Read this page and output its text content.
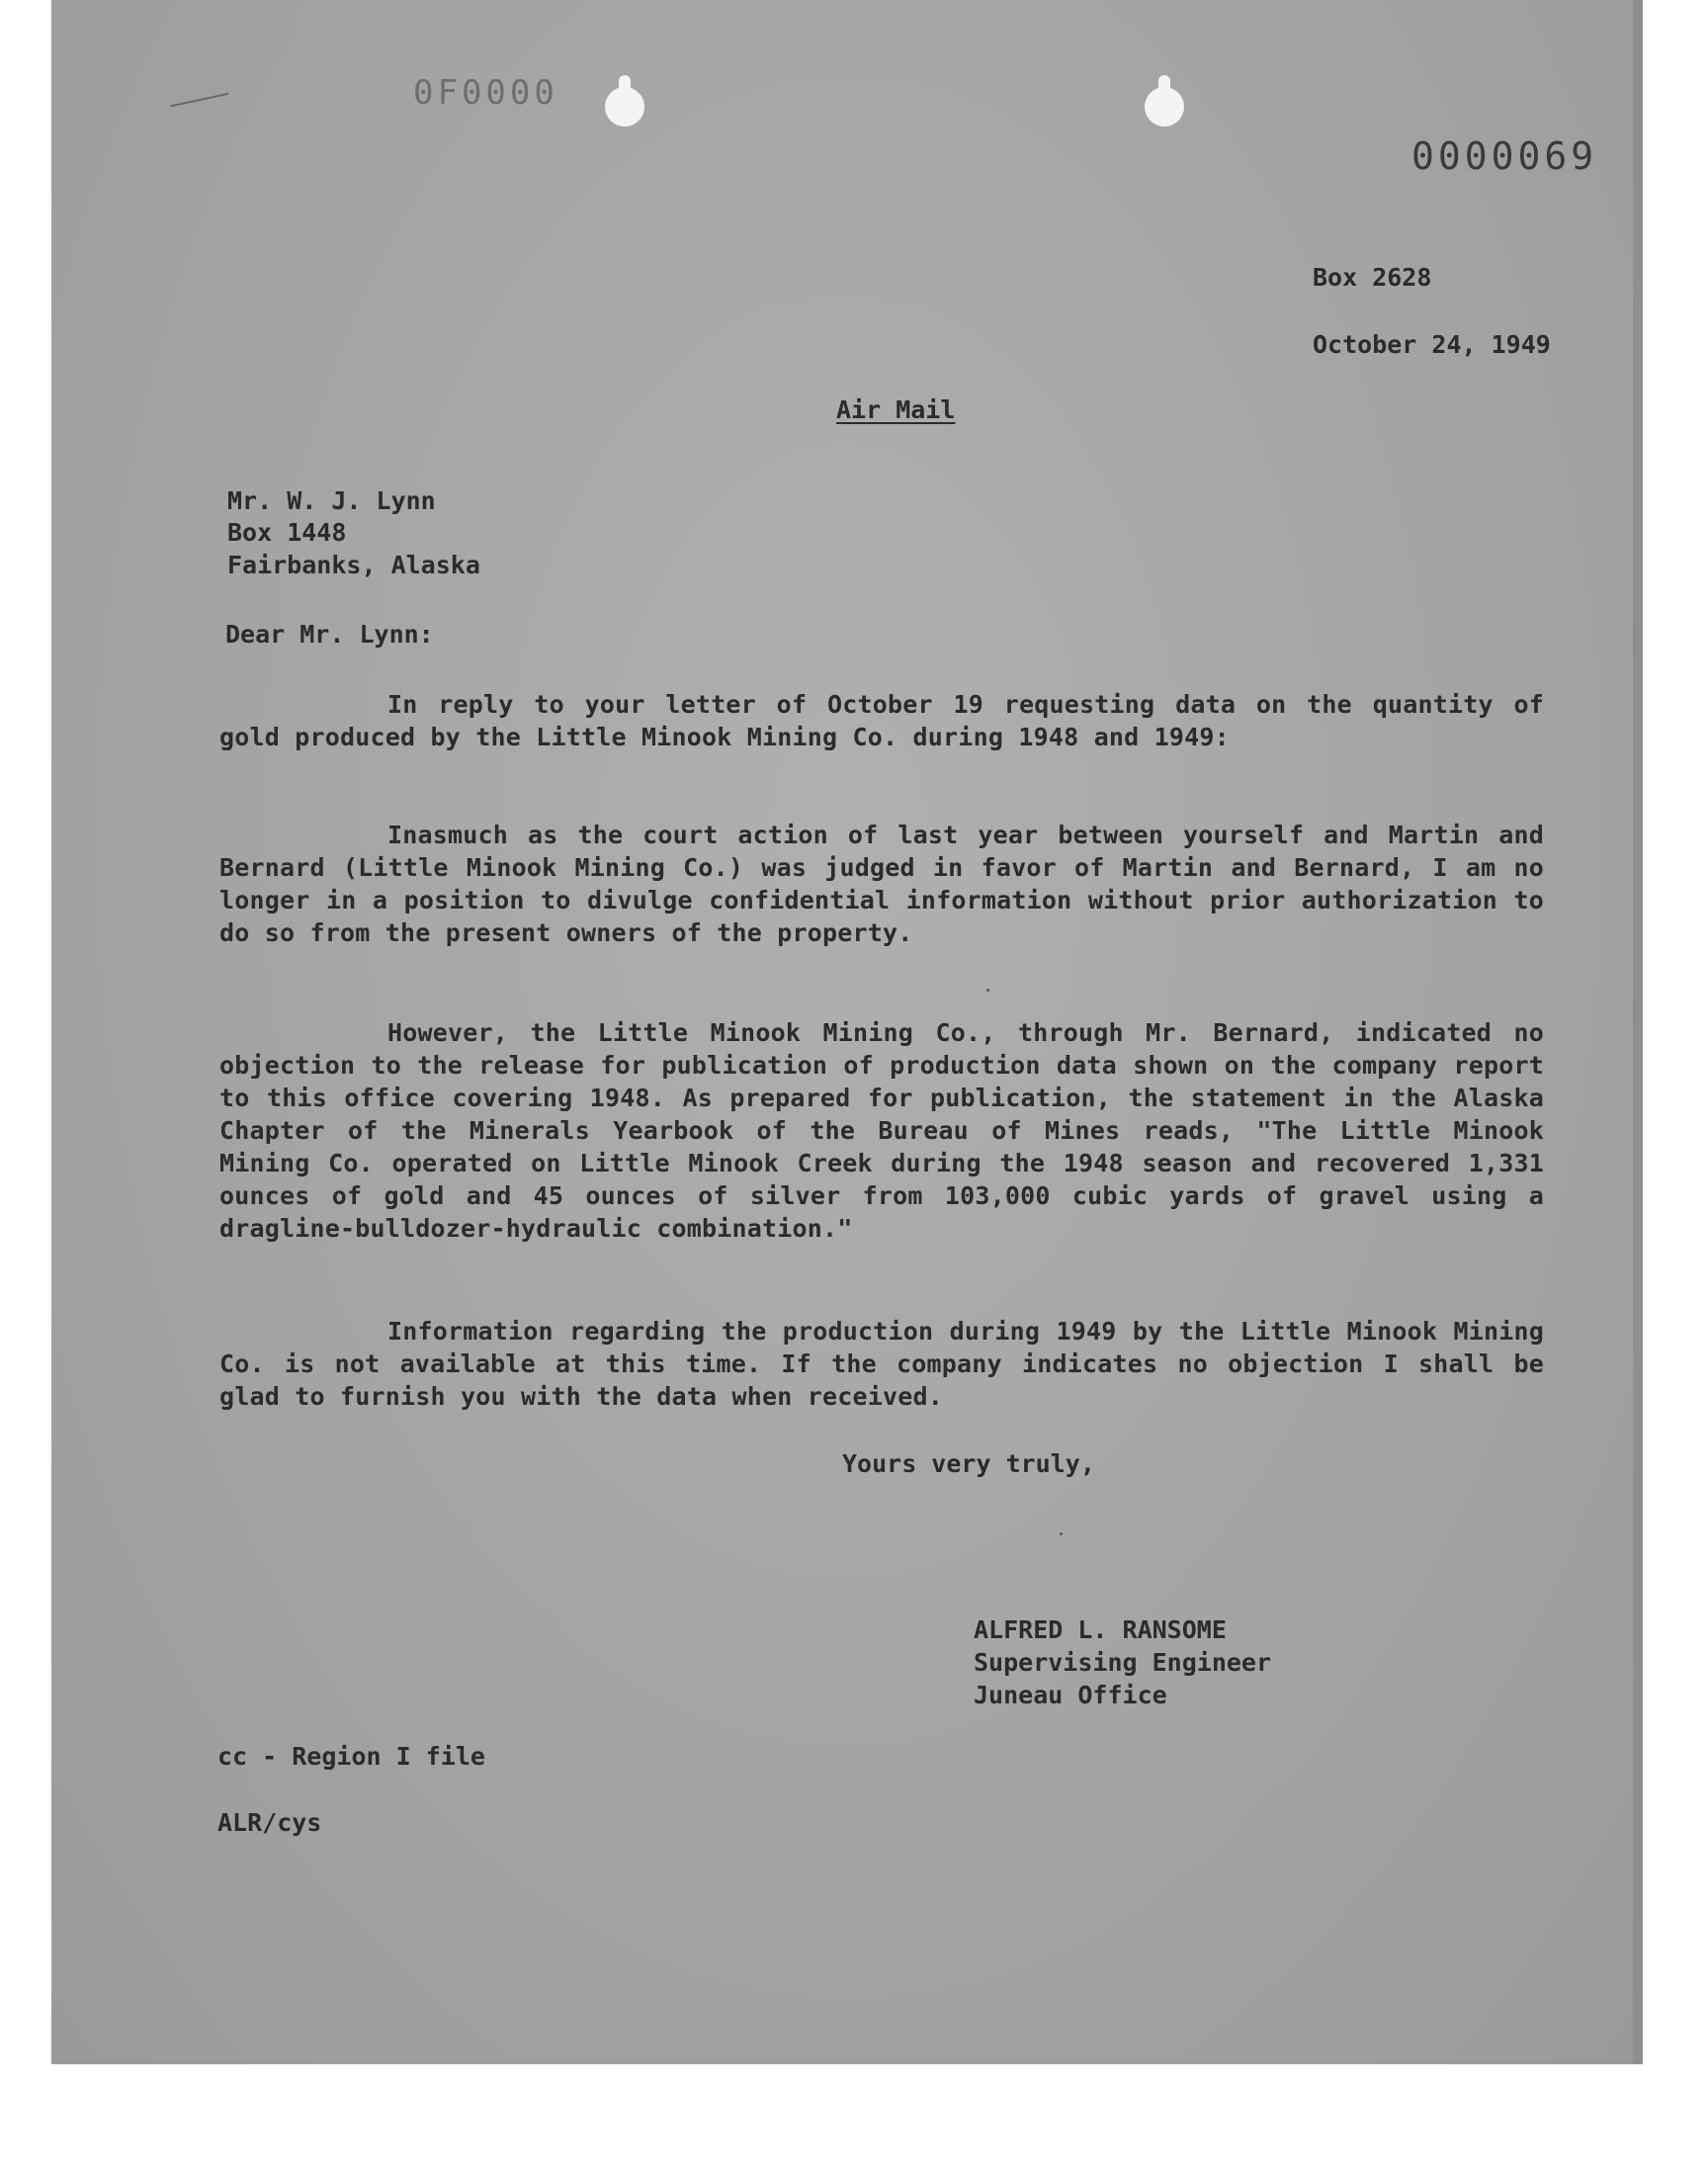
0F0000
0000069
Box 2628
October 24, 1949
Air Mail
Mr. W. J. Lynn
Box 1448
Fairbanks, Alaska
Dear Mr. Lynn:
In reply to your letter of October 19 requesting data on the quantity of gold produced by the Little Minook Mining Co. during 1948 and 1949:
Inasmuch as the court action of last year between yourself and Martin and Bernard (Little Minook Mining Co.) was judged in favor of Martin and Bernard, I am no longer in a position to divulge confidential information without prior authorization to do so from the present owners of the property.
However, the Little Minook Mining Co., through Mr. Bernard, indicated no objection to the release for publication of production data shown on the company report to this office covering 1948. As prepared for publication, the statement in the Alaska Chapter of the Minerals Yearbook of the Bureau of Mines reads, "The Little Minook Mining Co. operated on Little Minook Creek during the 1948 season and recovered 1,331 ounces of gold and 45 ounces of silver from 103,000 cubic yards of gravel using a dragline-bulldozer-hydraulic combination."
Information regarding the production during 1949 by the Little Minook Mining Co. is not available at this time. If the company indicates no objection I shall be glad to furnish you with the data when received.
Yours very truly,
ALFRED L. RANSOME
Supervising Engineer
Juneau Office
cc - Region I file
ALR/cys
